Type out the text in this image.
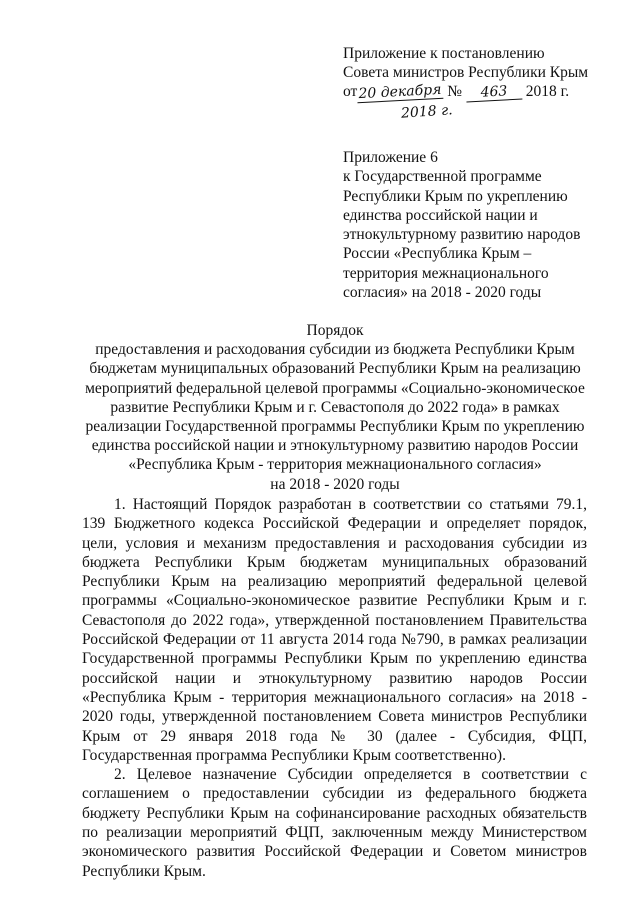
Приложение к постановлению
Совета министров Республики Крым
от20 декабря № 463 2018 г.
2018 г.
Приложение 6
к Государственной программе
Республики Крым по укреплению
единства российской нации и
этнокультурному развитию народов
России «Республика Крым –
территория межнационального
согласия» на 2018 - 2020 годы
Порядок
предоставления и расходования субсидии из бюджета Республики Крым
бюджетам муниципальных образований Республики Крым на реализацию
мероприятий федеральной целевой программы «Социально-экономическое
развитие Республики Крым и г. Севастополя до 2022 года» в рамках
реализации Государственной программы Республики Крым по укреплению
единства российской нации и этнокультурному развитию народов России
«Республика Крым - территория межнационального согласия»
на 2018 - 2020 годы

1. Настоящий Порядок разработан в соответствии со статьями 79.1, 139 Бюджетного кодекса Российской Федерации и определяет порядок, цели, условия и механизм предоставления и расходования субсидии из бюджета Республики Крым бюджетам муниципальных образований Республики Крым на реализацию мероприятий федеральной целевой программы «Социально-экономическое развитие Республики Крым и г. Севастополя до 2022 года», утвержденной постановлением Правительства Российской Федерации от 11 августа 2014 года №790, в рамках реализации Государственной программы Республики Крым по укреплению единства российской нации и этнокультурному развитию народов России «Республика Крым - территория межнационального согласия» на 2018 - 2020 годы, утвержденной постановлением Совета министров Республики Крым от 29 января 2018 года № 30 (далее - Субсидия, ФЦП, Государственная программа Республики Крым соответственно).

2. Целевое назначение Субсидии определяется в соответствии с соглашением о предоставлении субсидии из федерального бюджета бюджету Республики Крым на софинансирование расходных обязательств по реализации мероприятий ФЦП, заключенным между Министерством экономического развития Российской Федерации и Советом министров Республики Крым.
